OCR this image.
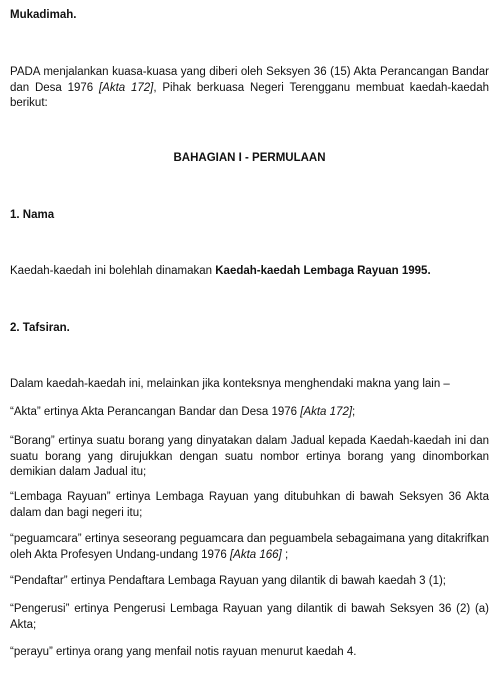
Mukadimah.
PADA menjalankan kuasa-kuasa yang diberi oleh Seksyen 36 (15) Akta Perancangan Bandar dan Desa 1976 [Akta 172], Pihak berkuasa Negeri Terengganu membuat kaedah-kaedah berikut:
BAHAGIAN I - PERMULAAN
1. Nama
Kaedah-kaedah ini bolehlah dinamakan Kaedah-kaedah Lembaga Rayuan 1995.
2. Tafsiran.
Dalam kaedah-kaedah ini, melainkan jika konteksnya menghendaki makna yang lain –
“Akta” ertinya Akta Perancangan Bandar dan Desa 1976 [Akta 172];
“Borang” ertinya suatu borang yang dinyatakan dalam Jadual kepada Kaedah-kaedah ini dan suatu borang yang dirujukkan dengan suatu nombor ertinya borang yang dinomborkan demikian dalam Jadual itu;
“Lembaga Rayuan” ertinya Lembaga Rayuan yang ditubuhkan di bawah Seksyen 36 Akta dalam dan bagi negeri itu;
“peguamcara” ertinya seseorang peguamcara dan peguambela sebagaimana yang ditakrifkan oleh Akta Profesyen Undang-undang 1976 [Akta 166] ;
“Pendaftar” ertinya Pendaftara Lembaga Rayuan yang dilantik di bawah kaedah 3 (1);
“Pengerusi” ertinya Pengerusi Lembaga Rayuan yang dilantik di bawah Seksyen 36 (2) (a) Akta;
“perayu” ertinya orang yang menfail notis rayuan menurut kaedah 4.
